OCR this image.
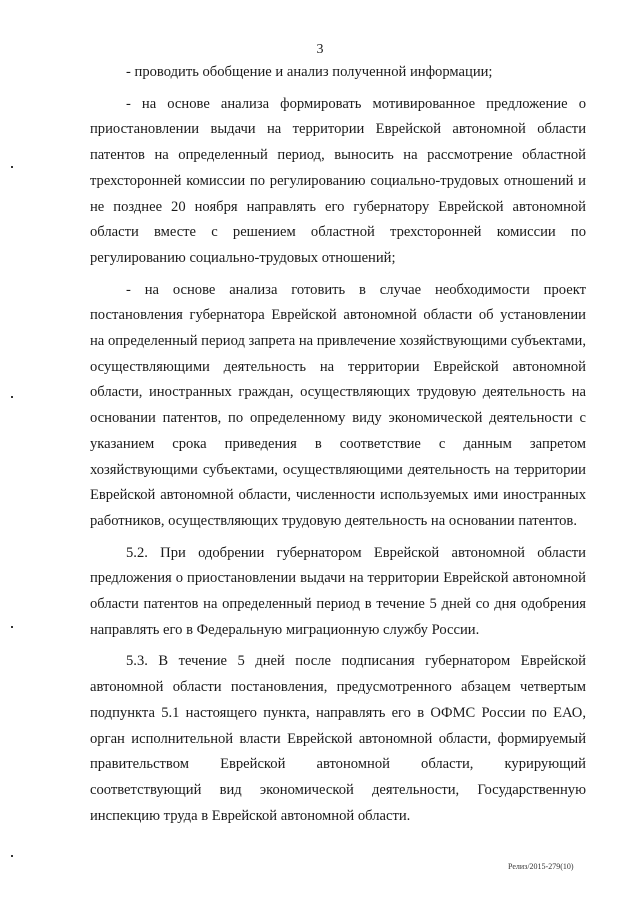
3

- проводить обобщение и анализ полученной информации;

- на основе анализа формировать мотивированное предложение о приостановлении выдачи на территории Еврейской автономной области патентов на определенный период, выносить на рассмотрение областной трехсторонней комиссии по регулированию социально-трудовых отношений и не позднее 20 ноября направлять его губернатору Еврейской автономной области вместе с решением областной трехсторонней комиссии по регулированию социально-трудовых отношений;

- на основе анализа готовить в случае необходимости проект постановления губернатора Еврейской автономной области об установлении на определенный период запрета на привлечение хозяйствующими субъектами, осуществляющими деятельность на территории Еврейской автономной области, иностранных граждан, осуществляющих трудовую деятельность на основании патентов, по определенному виду экономической деятельности с указанием срока приведения в соответствие с данным запретом хозяйствующими субъектами, осуществляющими деятельность на территории Еврейской автономной области, численности используемых ими иностранных работников, осуществляющих трудовую деятельность на основании патентов.

5.2. При одобрении губернатором Еврейской автономной области предложения о приостановлении выдачи на территории Еврейской автономной области патентов на определенный период в течение 5 дней со дня одобрения направлять его в Федеральную миграционную службу России.

5.3. В течение 5 дней после подписания губернатором Еврейской автономной области постановления, предусмотренного абзацем четвертым подпункта 5.1 настоящего пункта, направлять его в ОФМС России по ЕАО, орган исполнительной власти Еврейской автономной области, формируемый правительством Еврейской автономной области, курирующий соответствующий вид экономической деятельности, Государственную инспекцию труда в Еврейской автономной области.

Релиз/2015-279(10)
